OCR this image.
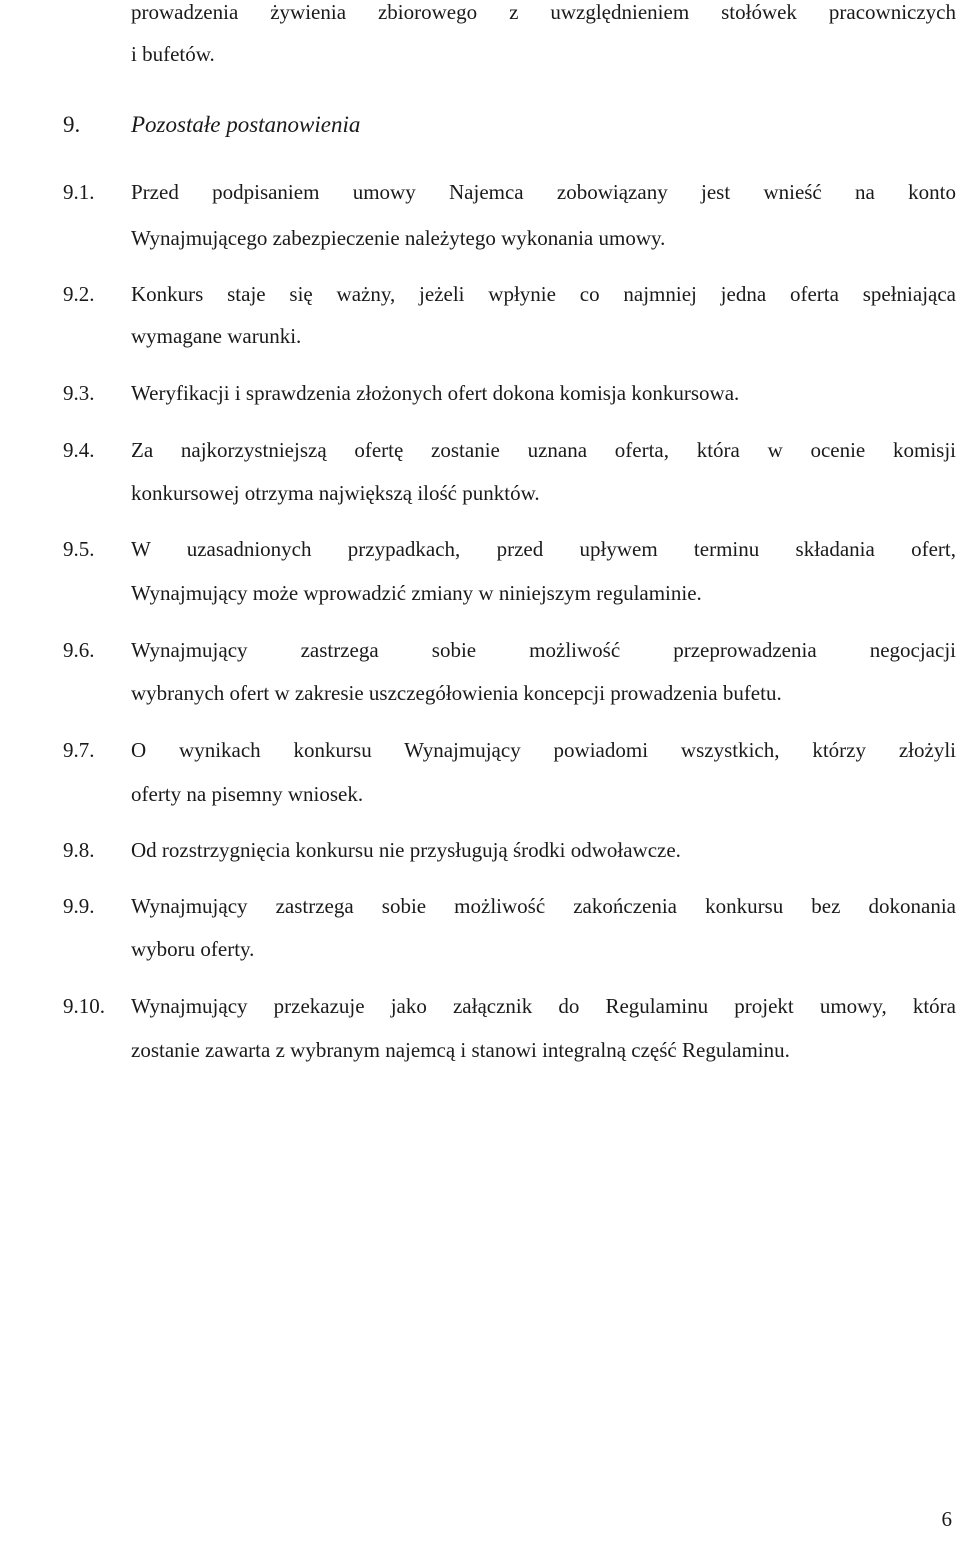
prowadzenia żywienia zbiorowego z uwzględnieniem stołówek pracowniczych
i bufetów.
9. Pozostałe postanowienia
9.1. Przed podpisaniem umowy Najemca zobowiązany jest wnieść na konto
Wynajmującego zabezpieczenie należytego wykonania umowy.
9.2. Konkurs staje się ważny, jeżeli wpłynie co najmniej jedna oferta spełniająca
wymagane warunki.
9.3. Weryfikacji i sprawdzenia złożonych ofert dokona komisja konkursowa.
9.4. Za najkorzystniejszą ofertę zostanie uznana oferta, która w ocenie komisji
konkursowej otrzyma największą ilość punktów.
9.5. W uzasadnionych przypadkach, przed upływem terminu składania ofert,
Wynajmujący może wprowadzić zmiany w niniejszym regulaminie.
9.6. Wynajmujący zastrzega sobie możliwość przeprowadzenia negocjacji
wybranych ofert w zakresie uszczegółowienia koncepcji prowadzenia bufetu.
9.7. O wynikach konkursu Wynajmujący powiadomi wszystkich, którzy złożyli
oferty na pisemny wniosek.
9.8. Od rozstrzygnięcia konkursu nie przysługują środki odwoławcze.
9.9. Wynajmujący zastrzega sobie możliwość zakończenia konkursu bez dokonania
wyboru oferty.
9.10. Wynajmujący przekazuje jako załącznik do Regulaminu projekt umowy, która
zostanie zawarta z wybranym najemcą i stanowi integralną część Regulaminu.
6
